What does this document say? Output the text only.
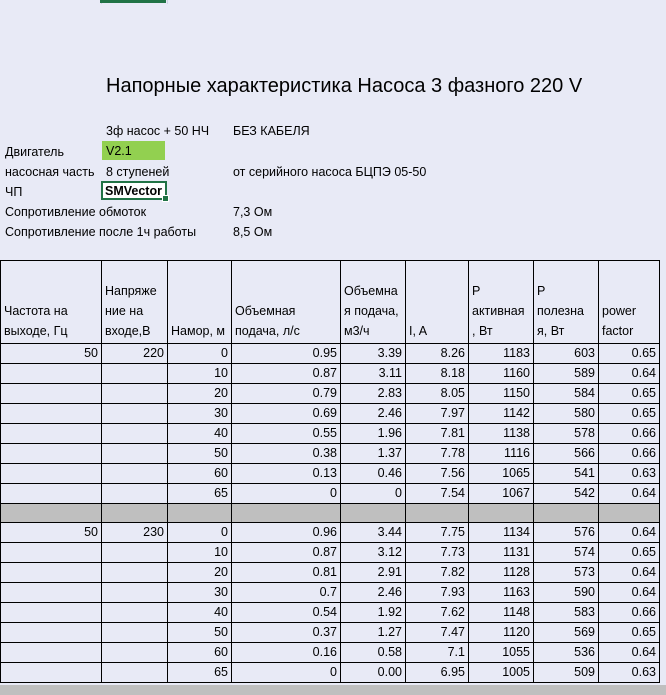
Напорные характеристика Насоса 3 фазного 220 V
3ф насос + 50 НЧ БЕЗ КАБЕЛЯ
Двигатель	V2.1
насосная часть 8 ступеней	от серийного насоса БЦПЭ 05-50
ЧП	SMVector
Сопротивление обмоток	7,3 Ом
Сопротивление после 1ч работы	8,5 Ом
Частота на выходе, Гц	Напряже ние на входе,В	Намор, м	Объемная подача, л/с	Объемна я подача, м3/ч	I, A	P активная , Вт	P полезна я, Вт	power factor
50	220	0	0.95	3.39	8.26	1183	603	0.65
		10	0.87	3.11	8.18	1160	589	0.64
		20	0.79	2.83	8.05	1150	584	0.65
		30	0.69	2.46	7.97	1142	580	0.65
		40	0.55	1.96	7.81	1138	578	0.66
		50	0.38	1.37	7.78	1116	566	0.66
		60	0.13	0.46	7.56	1065	541	0.63
		65	0	0	7.54	1067	542	0.64

50	230	0	0.96	3.44	7.75	1134	576	0.64
		10	0.87	3.12	7.73	1131	574	0.65
		20	0.81	2.91	7.82	1128	573	0.64
		30	0.7	2.46	7.93	1163	590	0.64
		40	0.54	1.92	7.62	1148	583	0.66
		50	0.37	1.27	7.47	1120	569	0.65
		60	0.16	0.58	7.1	1055	536	0.64
		65	0	0.00	6.95	1005	509	0.63
